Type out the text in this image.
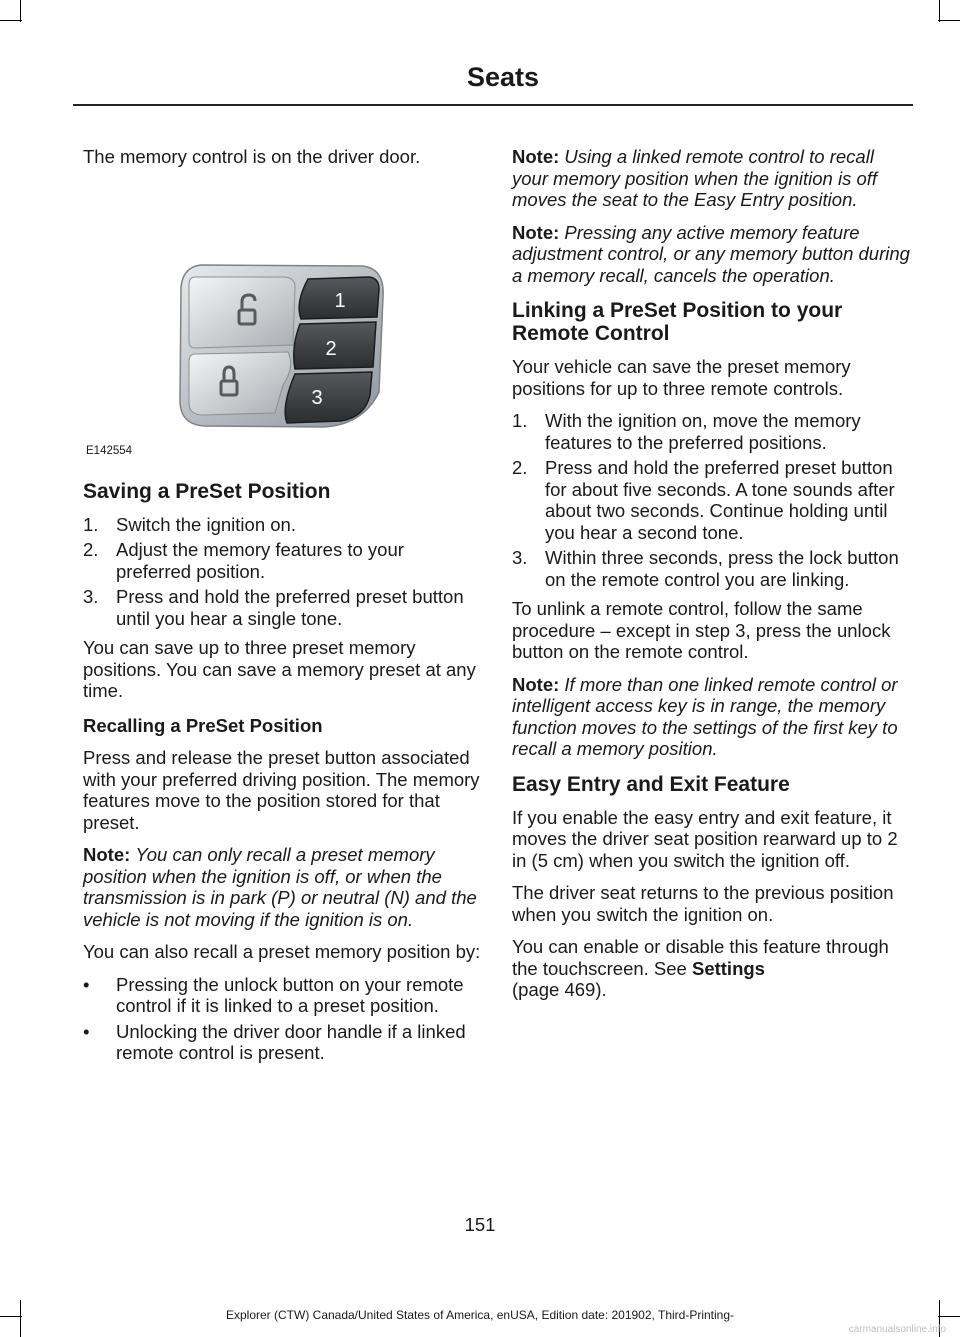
Seats

The memory control is on the driver door.

1
2
3
E142554
Saving a PreSet Position
1. Switch the ignition on.
2. Adjust the memory features to your preferred position.
3. Press and hold the preferred preset button until you hear a single tone.

You can save up to three preset memory positions. You can save a memory preset at any time.

Recalling a PreSet Position

Press and release the preset button associated with your preferred driving position. The memory features move to the position stored for that preset.

Note: You can only recall a preset memory position when the ignition is off, or when the transmission is in park (P) or neutral (N) and the vehicle is not moving if the ignition is on.

You can also recall a preset memory position by:

• Pressing the unlock button on your remote control if it is linked to a preset position.
• Unlocking the driver door handle if a linked remote control is present.

Note: Using a linked remote control to recall your memory position when the ignition is off moves the seat to the Easy Entry position.

Note: Pressing any active memory feature adjustment control, or any memory button during a memory recall, cancels the operation.

Linking a PreSet Position to your Remote Control

Your vehicle can save the preset memory positions for up to three remote controls.

1. With the ignition on, move the memory features to the preferred positions.
2. Press and hold the preferred preset button for about five seconds. A tone sounds after about two seconds. Continue holding until you hear a second tone.
3. Within three seconds, press the lock button on the remote control you are linking.

To unlink a remote control, follow the same procedure – except in step 3, press the unlock button on the remote control.

Note: If more than one linked remote control or intelligent access key is in range, the memory function moves to the settings of the first key to recall a memory position.

Easy Entry and Exit Feature

If you enable the easy entry and exit feature, it moves the driver seat position rearward up to 2 in (5 cm) when you switch the ignition off.

The driver seat returns to the previous position when you switch the ignition on.

You can enable or disable this feature through the touchscreen. See Settings
(page 469).

151
Explorer (CTW) Canada/United States of America, enUSA, Edition date: 201902, Third-Printing-
carmanualsonline.info
